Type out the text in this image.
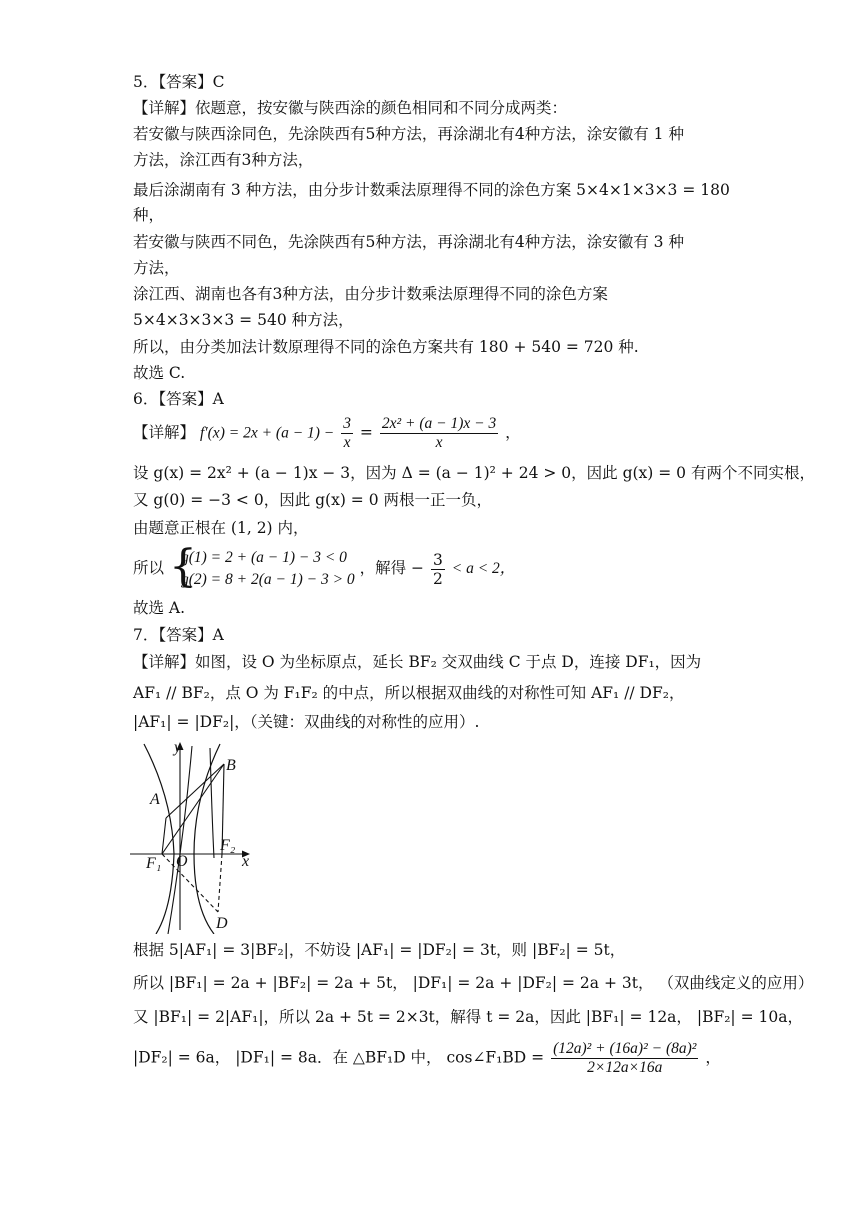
5．【答案】C
【详解】依题意，按安徽与陕西涂的颜色相同和不同分成两类：
若安徽与陕西涂同色，先涂陕西有5种方法，再涂湖北有4种方法，涂安徽有 1 种
方法，涂江西有3种方法，
最后涂湖南有 3 种方法，由分步计数乘法原理得不同的涂色方案 5×4×1×3×3 = 180
种，
若安徽与陕西不同色，先涂陕西有5种方法，再涂湖北有4种方法，涂安徽有 3 种
方法，
涂江西、湖南也各有3种方法，由分步计数乘法原理得不同的涂色方案
5×4×3×3×3 = 540 种方法，
所以，由分类加法计数原理得不同的涂色方案共有 180 + 540 = 720 种.
故选 C.
6．【答案】A
【详解】 $f'(x) = 2x + (a - 1) - \frac{3}{x} = \frac{\text{2x² + (a − 1)x − 3}}{x}$ ，
设 g(x) = 2x² + (a − 1)x − 3，因为 Δ = (a − 1)² + 24 > 0，因此 g(x) = 0 有两个不同实根，
又 g(0) = −3 < 0，因此 g(x) = 0 两根一正一负，
由题意正根在 (1, 2) 内，
所以 {
g(1) = 2 + (a − 1) − 3 < 0
g(2) = 8 + 2(a − 1) − 3 > 0
，解得 − $\frac{3}{2} < a < 2$，
故选 A.
7．【答案】A
【详解】如图，设 O 为坐标原点，延长 BF₂ 交双曲线 C 于点 D，连接 DF₁，因为
AF₁ // BF₂，点 O 为 F₁F₂ 的中点，所以根据双曲线的对称性可知 AF₁ // DF₂，
|AF₁| = |DF₂|，（关键：双曲线的对称性的应用）.
y
x
A
B
O
F₁
F₂
D
根据 5|AF₁| = 3|BF₂|，不妨设 |AF₁| = |DF₂| = 3t，则 |BF₂| = 5t，
所以 |BF₁| = 2a + |BF₂| = 2a + 5t， |DF₁| = 2a + |DF₂| = 2a + 3t， （双曲线定义的应用）
又 |BF₁| = 2|AF₁|，所以 2a + 5t = 2×3t，解得 t = 2a，因此 |BF₁| = 12a， |BF₂| = 10a，
|DF₂| = 6a， |DF₁| = 8a．在 △BF₁D 中， cos∠F₁BD = $\frac{\text{(12a)² + (16a)² − (8a)²}}{2\times 12a\times 16a}$ ，
